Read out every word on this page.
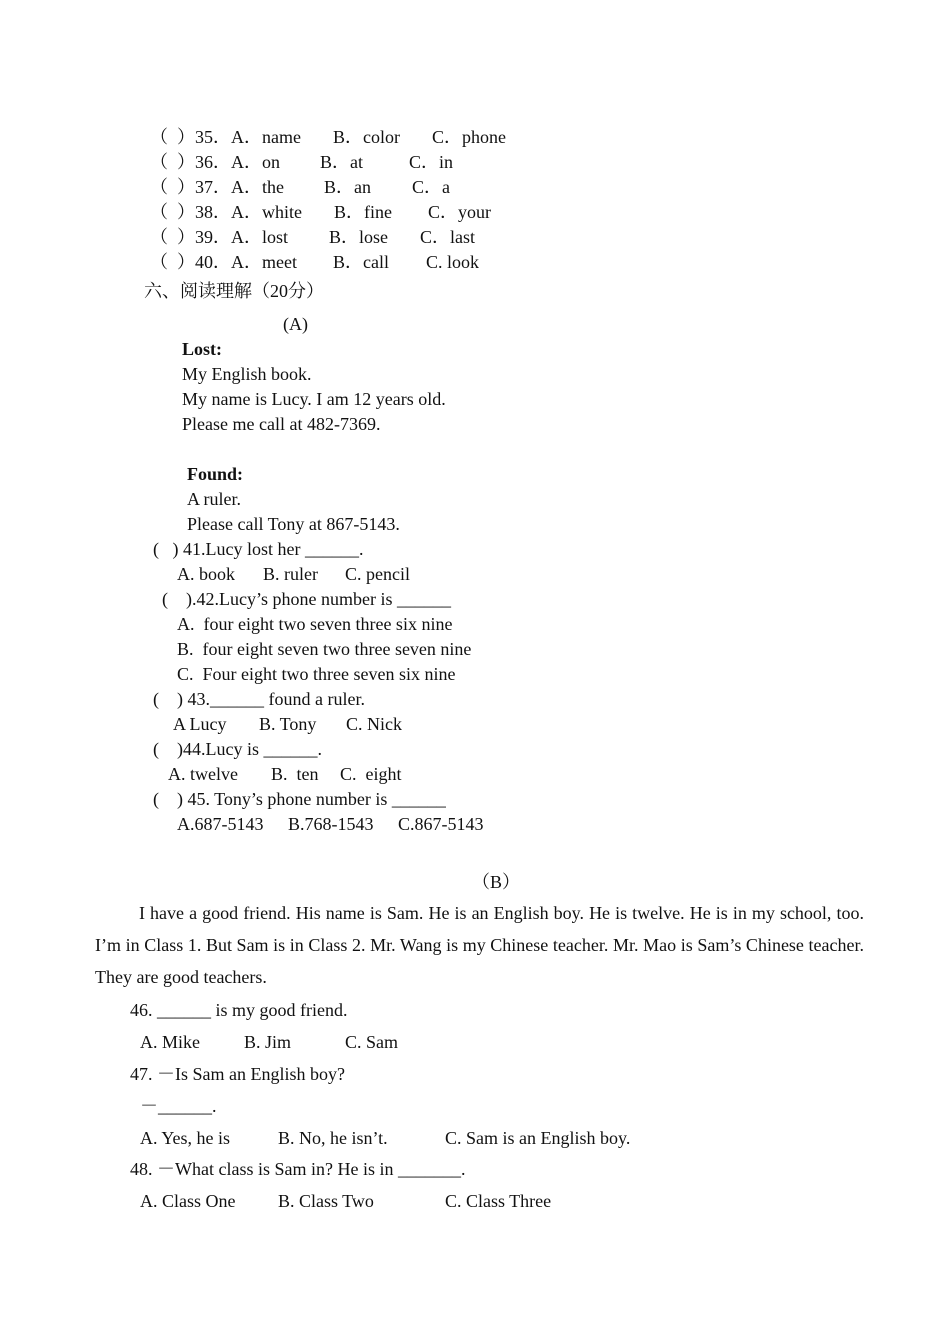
（  ）35．A．name B．color C．phone
（  ）36．A．on B．at	C．in
（  ）37．A．the B．an C．a
（  ）38．A．white B．fine C．your
（  ）39．A．lost B．lose C．last
（  ）40．A．meet B．call C. look
六、阅读理解（20分）
(A)
Lost:
My English book.
My name is Lucy. I am 12 years old.
Please me call at 482-7369.
Found:
A ruler.
Please call Tony at 867-5143.
(   ) 41.Lucy lost her ______.
A. book B. ruler C. pencil
(    ).42.Lucy’s phone number is ______
A.  four eight two seven three six nine
B.  four eight seven two three seven nine
C.  Four eight two three seven six nine
(    ) 43.______ found a ruler.
A Lucy B. Tony C. Nick
(    )44.Lucy is ______.
A. twelve B.  ten C.  eight
(    ) 45. Tony’s phone number is ______
A.687-5143 B.768-1543 C.867-5143
（B）
I have a good friend. His name is Sam. He is an English boy. He is twelve. He is in my school, too. I’m in Class 1. But Sam is in Class 2. Mr. Wang is my Chinese teacher. Mr. Mao is Sam’s Chinese teacher. They are good teachers.
46. ______ is my good friend.
A. Mike B. Jim	C. Sam
47. －Is Sam an English boy?
－______.
A. Yes, he is	B. No, he isn’t.	C. Sam is an English boy.
48. －What class is Sam in? He is in _______.
A. Class One B. Class Two	C. Class Three
